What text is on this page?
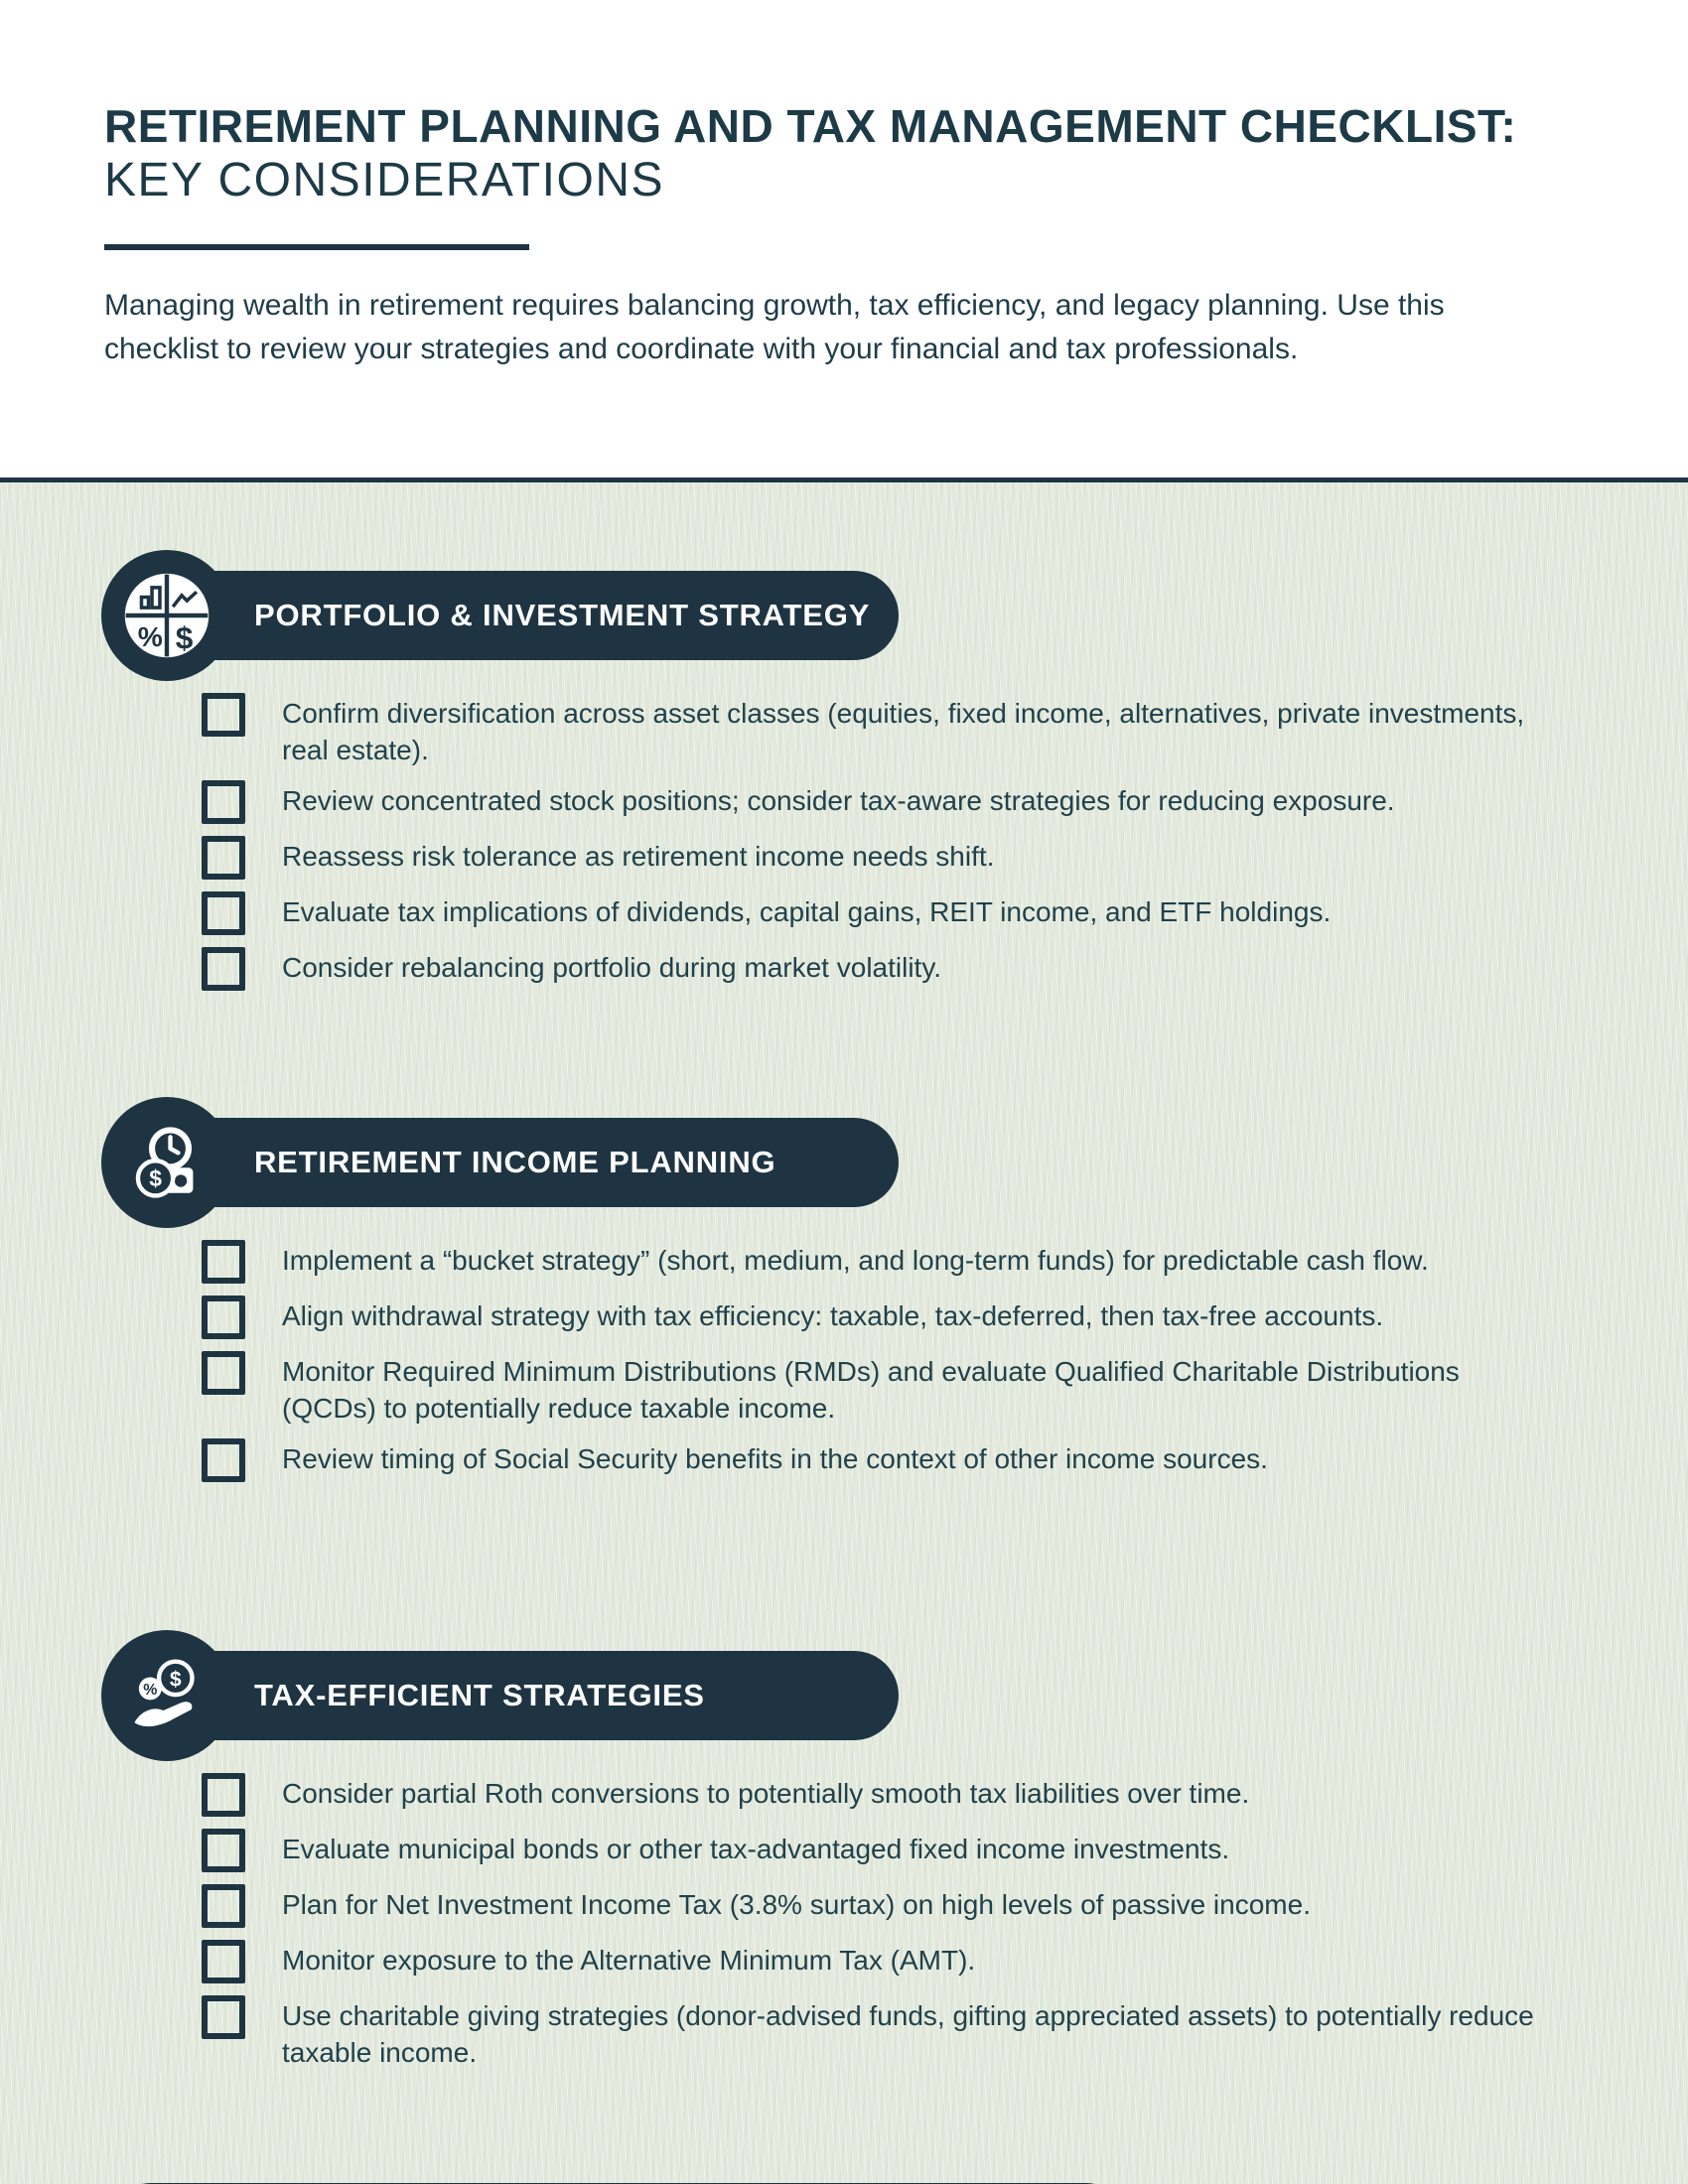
RETIREMENT PLANNING AND TAX MANAGEMENT CHECKLIST:
KEY CONSIDERATIONS

Managing wealth in retirement requires balancing growth, tax efficiency, and legacy planning. Use this checklist to review your strategies and coordinate with your financial and tax professionals.

PORTFOLIO & INVESTMENT STRATEGY
% $
Confirm diversification across asset classes (equities, fixed income, alternatives, private investments, real estate).
Review concentrated stock positions; consider tax-aware strategies for reducing exposure.
Reassess risk tolerance as retirement income needs shift.
Evaluate tax implications of dividends, capital gains, REIT income, and ETF holdings.
Consider rebalancing portfolio during market volatility.
RETIREMENT INCOME PLANNING
$
Implement a “bucket strategy” (short, medium, and long-term funds) for predictable cash flow.
Align withdrawal strategy with tax efficiency: taxable, tax-deferred, then tax-free accounts.
Monitor Required Minimum Distributions (RMDs) and evaluate Qualified Charitable Distributions (QCDs) to potentially reduce taxable income.
Review timing of Social Security benefits in the context of other income sources.
TAX-EFFICIENT STRATEGIES
$
%
Consider partial Roth conversions to potentially smooth tax liabilities over time.
Evaluate municipal bonds or other tax-advantaged fixed income investments.
Plan for Net Investment Income Tax (3.8% surtax) on high levels of passive income.
Monitor exposure to the Alternative Minimum Tax (AMT).
Use charitable giving strategies (donor-advised funds, gifting appreciated assets) to potentially reduce taxable income.
